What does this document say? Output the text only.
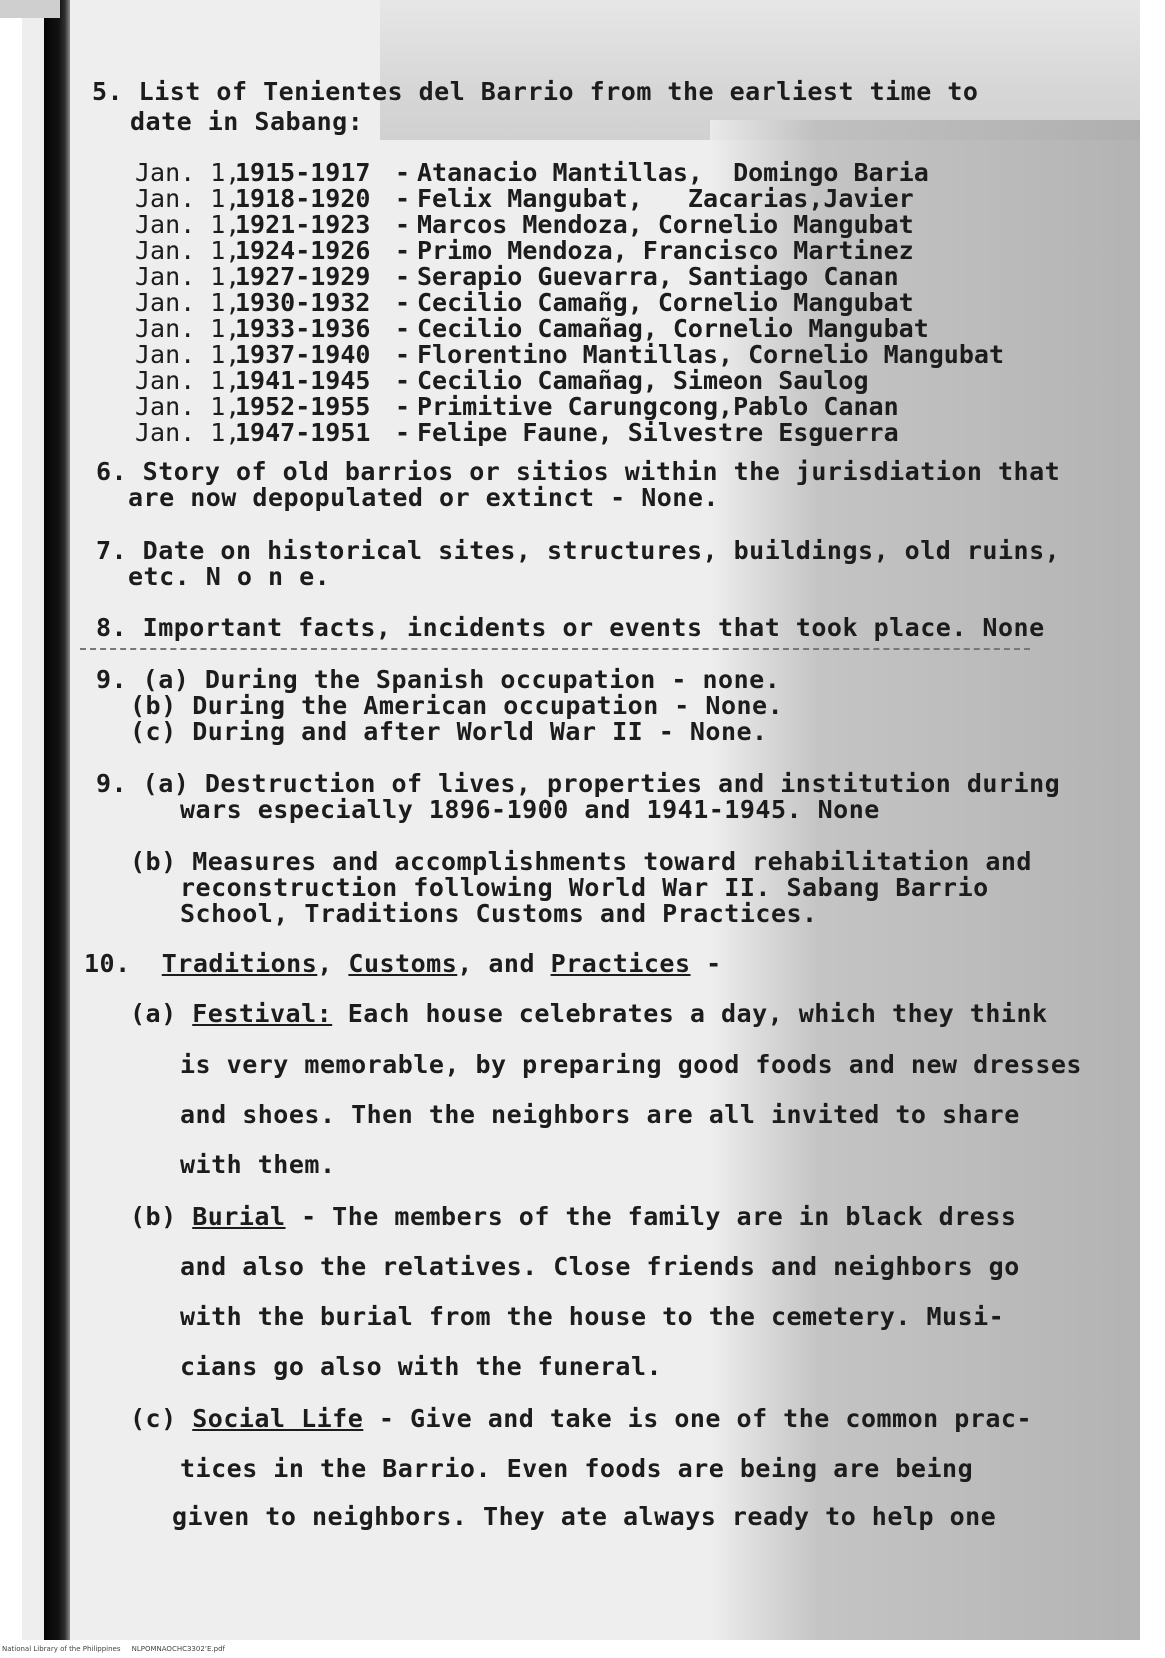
5. List of Tenientes del Barrio from the earliest time to
date in Sabang:
Jan. 1,1915-1917 - Atanacio Mantillas,  Domingo Baria
Jan. 1,1918-1920 - Felix Mangubat,   Zacarias,Javier
Jan. 1,1921-1923 - Marcos Mendoza, Cornelio Mangubat
Jan. 1,1924-1926 - Primo Mendoza, Francisco Martinez
Jan. 1,1927-1929 - Serapio Guevarra, Santiago Canan
Jan. 1,1930-1932 - Cecilio Camañg, Cornelio Mangubat
Jan. 1,1933-1936 - Cecilio Camañag, Cornelio Mangubat
Jan. 1,1937-1940 - Florentino Mantillas, Cornelio Mangubat
Jan. 1,1941-1945 - Cecilio Camañag, Simeon Saulog
Jan. 1,1952-1955 - Primitive Carungcong,Pablo Canan
Jan. 1,1947-1951 - Felipe Faune, Silvestre Esguerra
6. Story of old barrios or sitios within the jurisdiation that
are now depopulated or extinct - None.
7. Date on historical sites, structures, buildings, old ruins,
etc. N o n e.
8. Important facts, incidents or events that took place. None
9. (a) During the Spanish occupation - none.
(b) During the American occupation - None.
(c) During and after World War II - None.
9. (a) Destruction of lives, properties and institution during
wars especially 1896-1900 and 1941-1945. None
(b) Measures and accomplishments toward rehabilitation and
reconstruction following World War II. Sabang Barrio
School, Traditions Customs and Practices.
10. Traditions, Customs, and Practices -
(a) Festival: Each house celebrates a day, which they think
is very memorable, by preparing good foods and new dresses
and shoes. Then the neighbors are all invited to share
with them.
(b) Burial - The members of the family are in black dress
and also the relatives. Close friends and neighbors go
with the burial from the house to the cemetery. Musi-
cians go also with the funeral.
(c) Social Life - Give and take is one of the common prac-
tices in the Barrio. Even foods are being are being
given to neighbors. They ate always ready to help one
National Library of the Philippines     NLPOMNAOCHC3302’E.pdf
